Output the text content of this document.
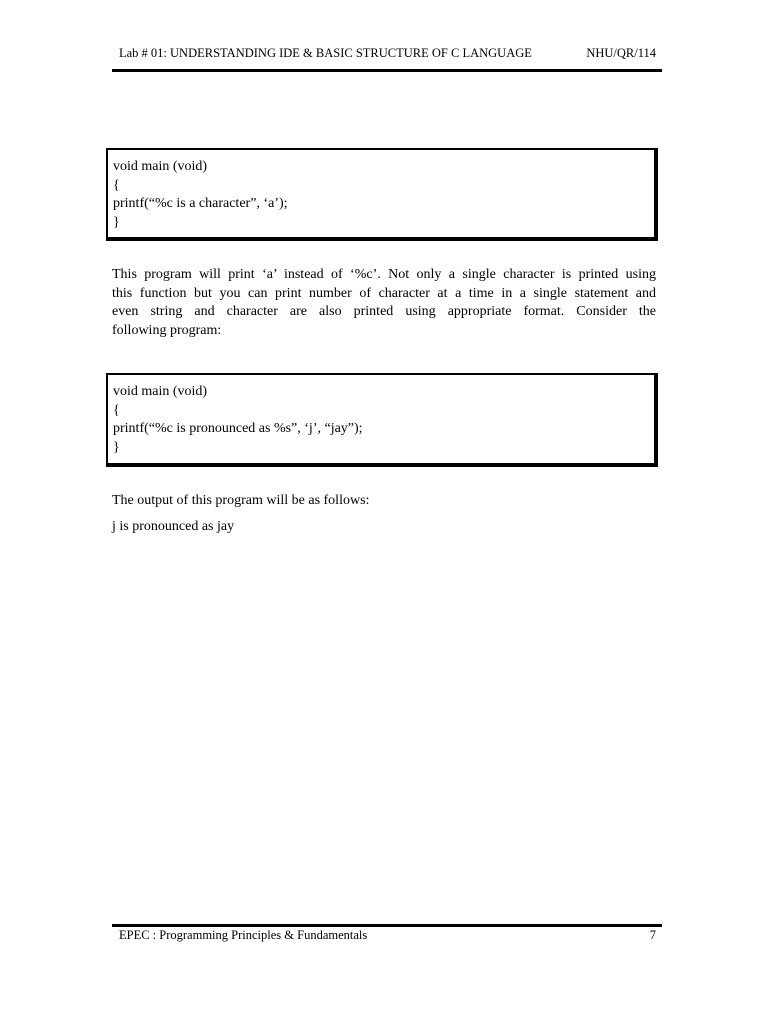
Lab # 01: UNDERSTANDING IDE & BASIC STRUCTURE OF C LANGUAGE	NHU/QR/114
void main (void)
{
printf(“%c is a character”, ‘a’);
}
This program will print ‘a’ instead of ‘%c’. Not only a single character is printed using
this function but you can print number of character at a time in a single statement and
even string and character are also printed using appropriate format. Consider the
following program:
void main (void)
{
printf(“%c is pronounced as %s”, ‘j’, “jay”);
}
The output of this program will be as follows:
j is pronounced as jay
EPEC : Programming Principles & Fundamentals	7
